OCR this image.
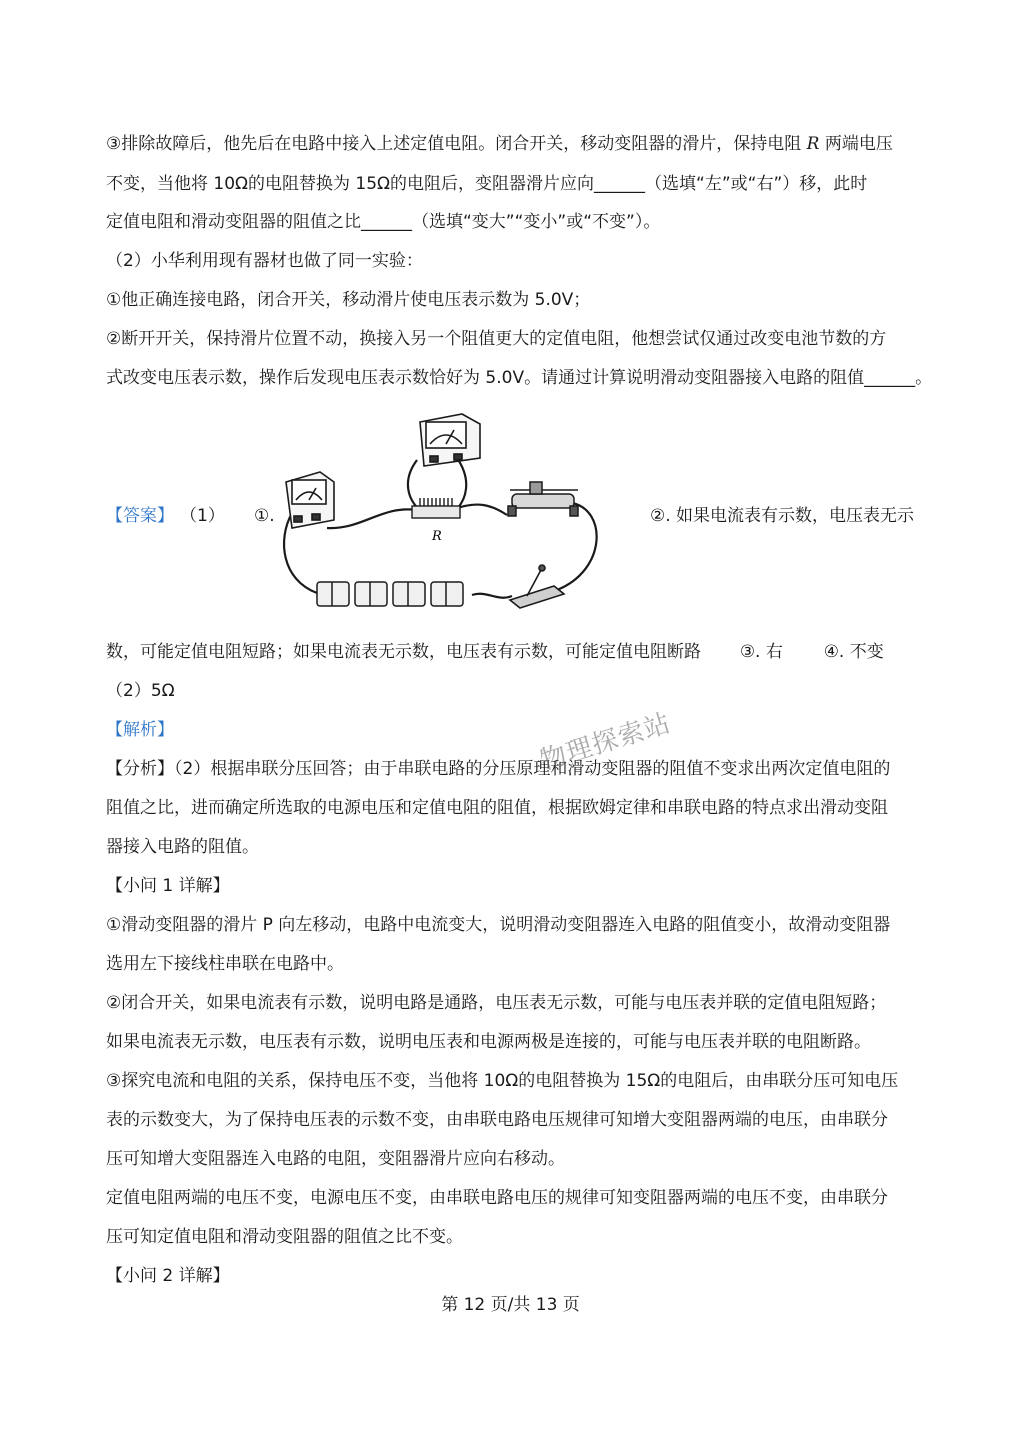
③排除故障后，他先后在电路中接入上述定值电阻。闭合开关，移动变阻器的滑片，保持电阻 R 两端电压
不变，当他将 10Ω的电阻替换为 15Ω的电阻后，变阻器滑片应向______（选填“左”或“右”）移，此时
定值电阻和滑动变阻器的阻值之比______（选填“变大”“变小”或“不变”）。
（2）小华利用现有器材也做了同一实验：
①他正确连接电路，闭合开关，移动滑片使电压表示数为 5.0V；
②断开开关，保持滑片位置不动，换接入另一个阻值更大的定值电阻，他想尝试仅通过改变电池节数的方
式改变电压表示数，操作后发现电压表示数恰好为 5.0V。请通过计算说明滑动变阻器接入电路的阻值______。
【答案】 （1） ①.	②. 如果电流表有示数，电压表无示
R
数，可能定值电阻短路；如果电流表无示数，电压表有示数，可能定值电阻断路 ③. 右 ④. 不变
（2）5Ω
【解析】
【分析】（2）根据串联分压回答；由于串联电路的分压原理和滑动变阻器的阻值不变求出两次定值电阻的
阻值之比，进而确定所选取的电源电压和定值电阻的阻值，根据欧姆定律和串联电路的特点求出滑动变阻
器接入电路的阻值。
【小问 1 详解】
①滑动变阻器的滑片 P 向左移动，电路中电流变大，说明滑动变阻器连入电路的阻值变小，故滑动变阻器
选用左下接线柱串联在电路中。
②闭合开关，如果电流表有示数，说明电路是通路，电压表无示数，可能与电压表并联的定值电阻短路；
如果电流表无示数，电压表有示数，说明电压表和电源两极是连接的，可能与电压表并联的电阻断路。
③探究电流和电阻的关系，保持电压不变，当他将 10Ω的电阻替换为 15Ω的电阻后，由串联分压可知电压
表的示数变大，为了保持电压表的示数不变，由串联电路电压规律可知增大变阻器两端的电压，由串联分
压可知增大变阻器连入电路的电阻，变阻器滑片应向右移动。
定值电阻两端的电压不变，电源电压不变，由串联电路电压的规律可知变阻器两端的电压不变，由串联分
压可知定值电阻和滑动变阻器的阻值之比不变。
【小问 2 详解】
物理探索站
第 12 页/共 13 页
